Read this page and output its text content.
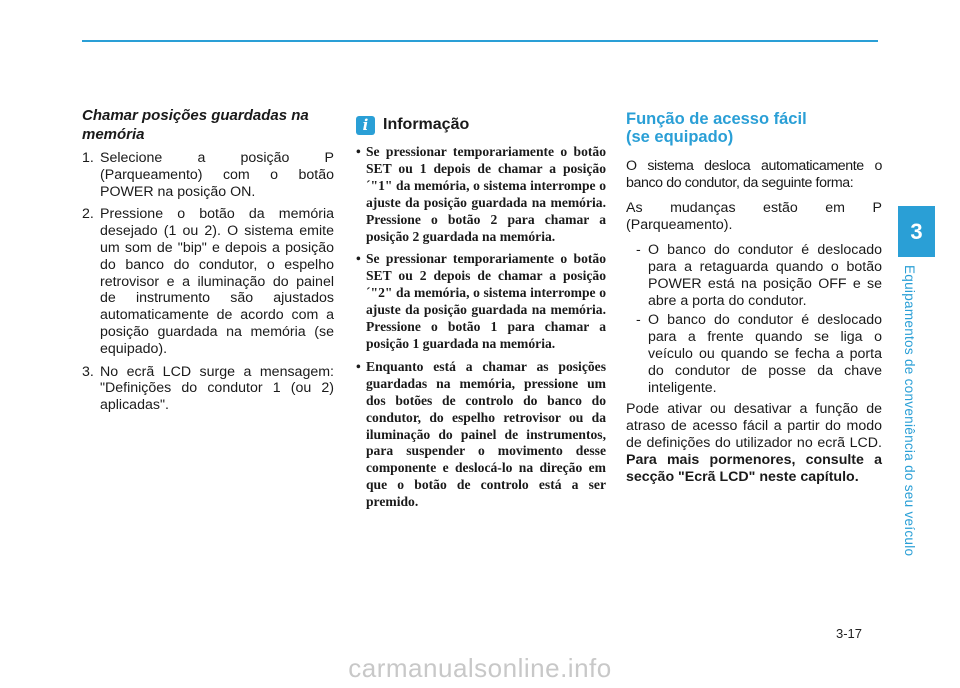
Chamar posições guardadas na memória
1. Selecione a posição P (Parqueamento) com o botão POWER na posição ON.
2. Pressione o botão da memória desejado (1 ou 2). O sistema emite um som de "bip" e depois a posição do banco do condutor, o espelho retrovisor e a iluminação do painel de instrumento são ajustados automaticamente de acordo com a posição guardada na memória (se equipado).
3. No ecrã LCD surge a mensagem: "Definições do condutor 1 (ou 2) aplicadas".
i Informação
• Se pressionar temporariamente o botão SET ou 1 depois de chamar a posição ´"1" da memória, o sistema interrompe o ajuste da posição guardada na memória. Pressione o botão 2 para chamar a posição 2 guardada na memória.
• Se pressionar temporariamente o botão SET ou 2 depois de chamar a posição ´"2" da memória, o sistema interrompe o ajuste da posição guardada na memória. Pressione o botão 1 para chamar a posição 1 guardada na memória.
• Enquanto está a chamar as posições guardadas na memória, pressione um dos botões de controlo do banco do condutor, do espelho retrovisor ou da iluminação do painel de instrumentos, para suspender o movimento desse componente e deslocá-lo na direção em que o botão de controlo está a ser premido.
Função de acesso fácil
(se equipado)

O sistema desloca automaticamente o banco do condutor, da seguinte forma:

As mudanças estão em P (Parqueamento).

- O banco do condutor é deslocado para a retaguarda quando o botão POWER está na posição OFF e se abre a porta do condutor.
- O banco do condutor é deslocado para a frente quando se liga o veículo ou quando se fecha a porta do condutor de posse da chave inteligente.

Pode ativar ou desativar a função de atraso de acesso fácil a partir do modo de definições do utilizador no ecrã LCD. Para mais pormenores, consulte a secção "Ecrã LCD" neste capítulo.

3
Equipamentos de conveniência do seu veículo
3-17
carmanualsonline.info
